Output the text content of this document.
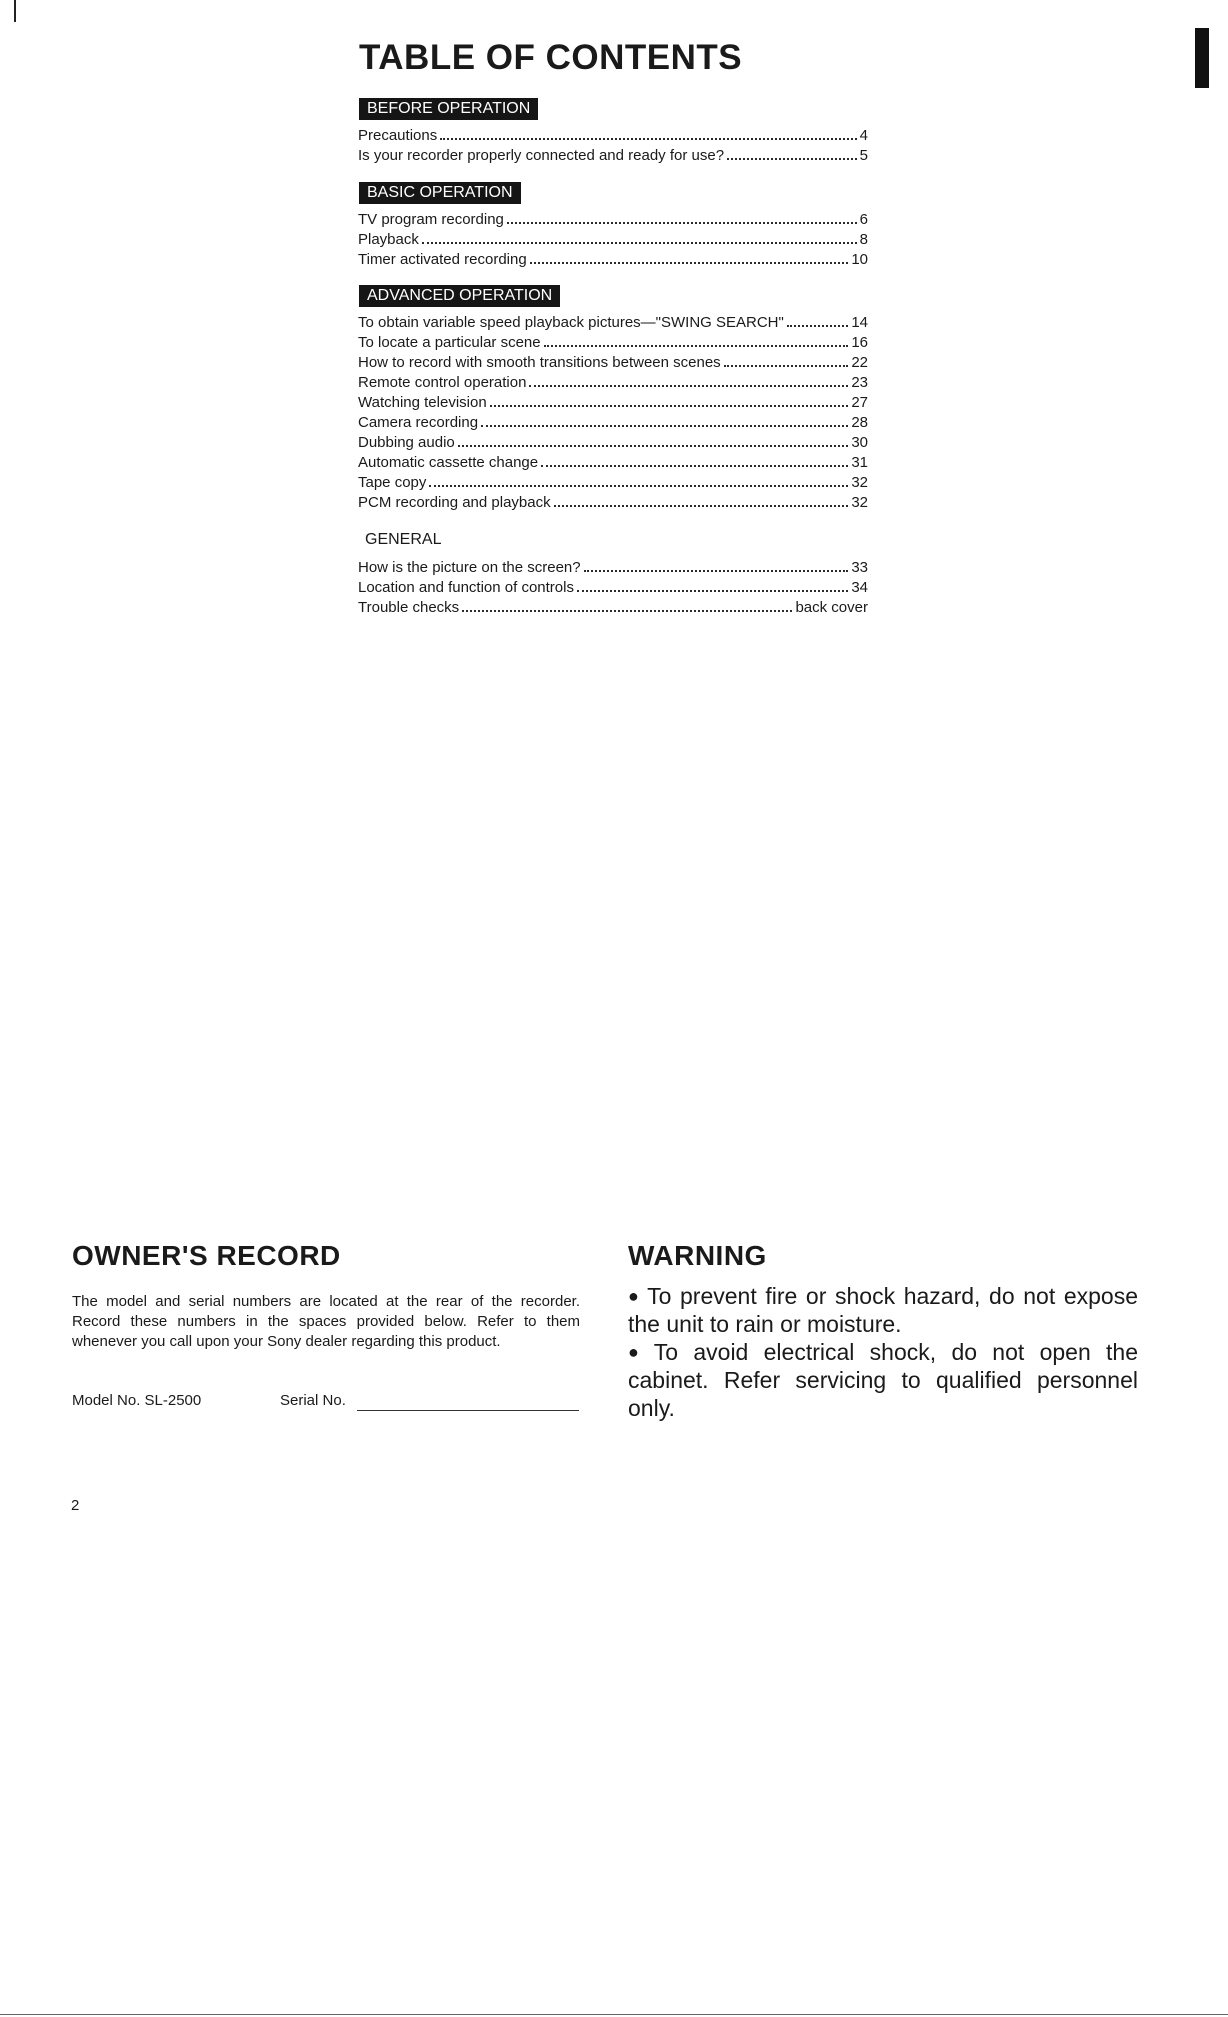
TABLE OF CONTENTS
BEFORE OPERATION
Precautions	4
Is your recorder properly connected and ready for use?	5
BASIC OPERATION
TV program recording	6
Playback	8
Timer activated recording	10
ADVANCED OPERATION
To obtain variable speed playback pictures—"SWING SEARCH"	14
To locate a particular scene	16
How to record with smooth transitions between scenes	22
Remote control operation	23
Watching television	27
Camera recording	28
Dubbing audio	30
Automatic cassette change	31
Tape copy	32
PCM recording and playback	32
GENERAL
How is the picture on the screen?	33
Location and function of controls	34
Trouble checks	back cover
OWNER'S RECORD
The model and serial numbers are located at the rear of the recorder. Record these numbers in the spaces provided below. Refer to them whenever you call upon your Sony dealer regarding this product.
Model No. SL-2500	Serial No.
WARNING
● To prevent fire or shock hazard, do not expose the unit to rain or moisture.
● To avoid electrical shock, do not open the cabinet. Refer servicing to qualified personnel only.
2
